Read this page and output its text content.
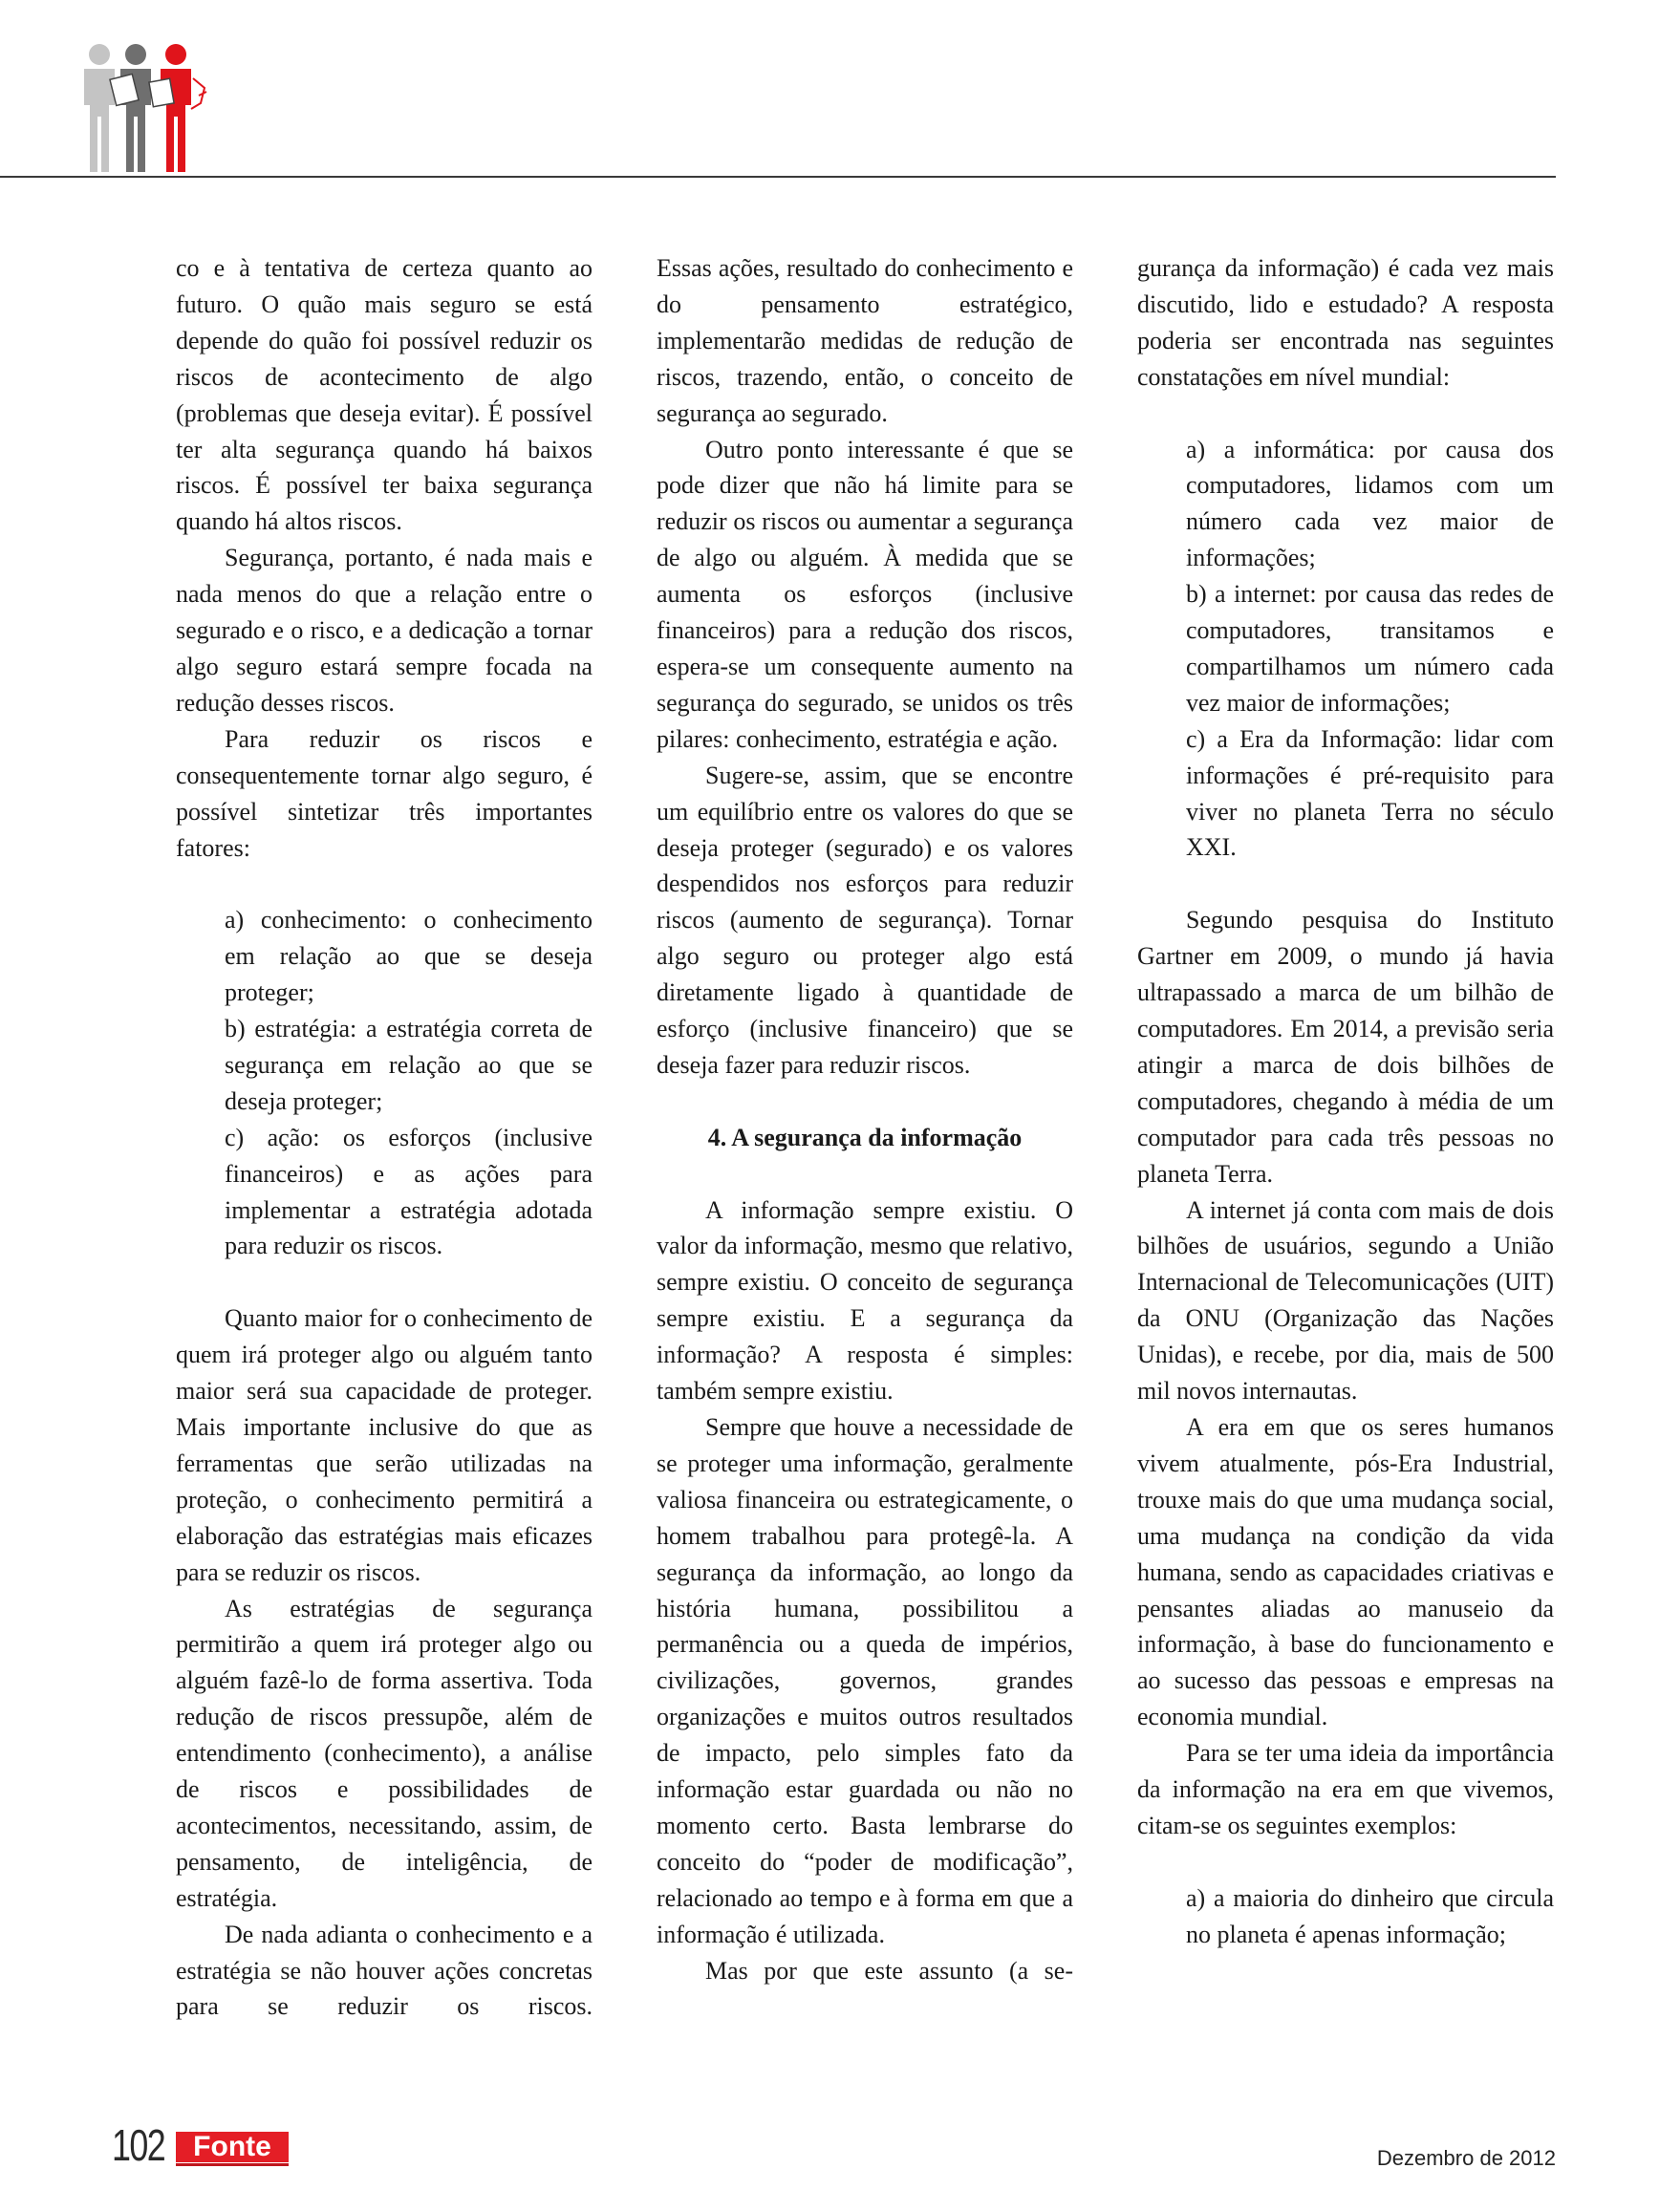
co e à tentativa de certeza quanto ao futuro. O quão mais seguro se está depende do quão foi possível reduzir os riscos de acontecimento de algo (problemas que deseja evitar). É possível ter alta segurança quando há baixos riscos. É possível ter baixa segurança quando há altos riscos.

Segurança, portanto, é nada mais e nada menos do que a relação entre o segurado e o risco, e a dedicação a tornar algo seguro estará sempre focada na redução desses riscos.

Para reduzir os riscos e consequentemente tornar algo seguro, é possível sintetizar três importantes fatores:

a) conhecimento: o conhecimento em relação ao que se deseja proteger;

b) estratégia: a estratégia correta de segurança em relação ao que se deseja proteger;

c) ação: os esforços (inclusive financeiros) e as ações para implementar a estratégia adotada para reduzir os riscos.

Quanto maior for o conhecimento de quem irá proteger algo ou alguém tanto maior será sua capacidade de proteger. Mais importante inclusive do que as ferramentas que serão utilizadas na proteção, o conhecimento permitirá a elaboração das estratégias mais eficazes para se reduzir os riscos.

As estratégias de segurança permitirão a quem irá proteger algo ou alguém fazê-lo de forma assertiva. Toda redução de riscos pressupõe, além de entendimento (conhecimento), a análise de riscos e possibilidades de acontecimentos, necessitando, assim, de pensamento, de inteligência, de estratégia.

De nada adianta o conhecimento e a estratégia se não houver ações concretas para se reduzir os riscos.

Essas ações, resultado do conhecimento e do pensamento estratégico, implementarão medidas de redução de riscos, trazendo, então, o conceito de segurança ao segurado.

Outro ponto interessante é que se pode dizer que não há limite para se reduzir os riscos ou aumentar a segurança de algo ou alguém. À medida que se aumenta os esforços (inclusive financeiros) para a redução dos riscos, espera-se um consequente aumento na segurança do segurado, se unidos os três pilares: conhecimento, estratégia e ação.

Sugere-se, assim, que se encontre um equilíbrio entre os valores do que se deseja proteger (segurado) e os valores despendidos nos esforços para reduzir riscos (aumento de segurança). Tornar algo seguro ou proteger algo está diretamente ligado à quantidade de esforço (inclusive financeiro) que se deseja fazer para reduzir riscos.

4. A segurança da informação

A informação sempre existiu. O valor da informação, mesmo que relativo, sempre existiu. O conceito de segurança sempre existiu. E a segurança da informação? A resposta é simples: também sempre existiu.

Sempre que houve a necessidade de se proteger uma informação, geralmente valiosa financeira ou estrategicamente, o homem trabalhou para protegê-la. A segurança da informação, ao longo da história humana, possibilitou a permanência ou a queda de impérios, civilizações, governos, grandes organizações e muitos outros resultados de impacto, pelo simples fato da informação estar guardada ou não no momento certo. Basta lembrarse do conceito do “poder de modificação”, relacionado ao tempo e à forma em que a informação é utilizada.

Mas por que este assunto (a se-

gurança da informação) é cada vez mais discutido, lido e estudado? A resposta poderia ser encontrada nas seguintes constatações em nível mundial:

a) a informática: por causa dos computadores, lidamos com um número cada vez maior de informações;

b) a internet: por causa das redes de computadores, transitamos e compartilhamos um número cada vez maior de informações;

c) a Era da Informação: lidar com informações é pré-requisito para viver no planeta Terra no século XXI.

Segundo pesquisa do Instituto Gartner em 2009, o mundo já havia ultrapassado a marca de um bilhão de computadores. Em 2014, a previsão seria atingir a marca de dois bilhões de computadores, chegando à média de um computador para cada três pessoas no planeta Terra.

A internet já conta com mais de dois bilhões de usuários, segundo a União Internacional de Telecomunicações (UIT) da ONU (Organização das Nações Unidas), e recebe, por dia, mais de 500 mil novos internautas.

A era em que os seres humanos vivem atualmente, pós-Era Industrial, trouxe mais do que uma mudança social, uma mudança na condição da vida humana, sendo as capacidades criativas e pensantes aliadas ao manuseio da informação, à base do funcionamento e ao sucesso das pessoas e empresas na economia mundial.

Para se ter uma ideia da importância da informação na era em que vivemos, citam-se os seguintes exemplos:

a) a maioria do dinheiro que circula no planeta é apenas informação;

102 Fonte	Dezembro de 2012
